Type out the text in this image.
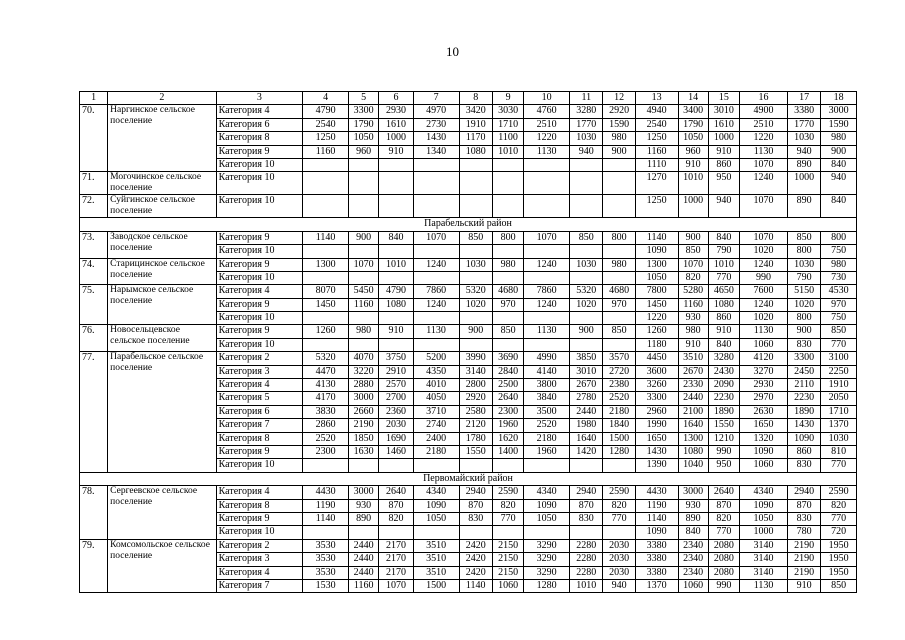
10
1	2	3	4	5	6	7	8	9	10	11	12	13	14	15	16	17	18
70.	Наргинское сельское поселение	Категория 4	4790	3300	2930	4970	3420	3030	4760	3280	2920	4940	3400	3010	4900	3380	3000
		Категория 6	2540	1790	1610	2730	1910	1710	2510	1770	1590	2540	1790	1610	2510	1770	1590
		Категория 8	1250	1050	1000	1430	1170	1100	1220	1030	980	1250	1050	1000	1220	1030	980
		Категория 9	1160	960	910	1340	1080	1010	1130	940	900	1160	960	910	1130	940	900
		Категория 10										1110	910	860	1070	890	840
71.	Могочинское сельское поселение	Категория 10										1270	1010	950	1240	1000	940
72.	Суйгинское сельское поселение	Категория 10										1250	1000	940	1070	890	840
Парабельский район																	
73.	Заводское сельское поселение	Категория 9	1140	900	840	1070	850	800	1070	850	800	1140	900	840	1070	850	800
		Категория 10										1090	850	790	1020	800	750
74.	Старицинское сельское поселение	Категория 9	1300	1070	1010	1240	1030	980	1240	1030	980	1300	1070	1010	1240	1030	980
		Категория 10										1050	820	770	990	790	730
75.	Нарымское сельское поселение	Категория 4	8070	5450	4790	7860	5320	4680	7860	5320	4680	7800	5280	4650	7600	5150	4530
		Категория 9	1450	1160	1080	1240	1020	970	1240	1020	970	1450	1160	1080	1240	1020	970
		Категория 10										1220	930	860	1020	800	750
76.	Новосельцевское сельское поселение	Категория 9	1260	980	910	1130	900	850	1130	900	850	1260	980	910	1130	900	850
		Категория 10										1180	910	840	1060	830	770
77.	Парабельское сельское поселение	Категория 2	5320	4070	3750	5200	3990	3690	4990	3850	3570	4450	3510	3280	4120	3300	3100
		Категория 3	4470	3220	2910	4350	3140	2840	4140	3010	2720	3600	2670	2430	3270	2450	2250
		Категория 4	4130	2880	2570	4010	2800	2500	3800	2670	2380	3260	2330	2090	2930	2110	1910
		Категория 5	4170	3000	2700	4050	2920	2640	3840	2780	2520	3300	2440	2230	2970	2230	2050
		Категория 6	3830	2660	2360	3710	2580	2300	3500	2440	2180	2960	2100	1890	2630	1890	1710
		Категория 7	2860	2190	2030	2740	2120	1960	2520	1980	1840	1990	1640	1550	1650	1430	1370
		Категория 8	2520	1850	1690	2400	1780	1620	2180	1640	1500	1650	1300	1210	1320	1090	1030
		Категория 9	2300	1630	1460	2180	1550	1400	1960	1420	1280	1430	1080	990	1090	860	810
		Категория 10										1390	1040	950	1060	830	770
Первомайский район																	
78.	Сергеевское сельское поселение	Категория 4	4430	3000	2640	4340	2940	2590	4340	2940	2590	4430	3000	2640	4340	2940	2590
		Категория 8	1190	930	870	1090	870	820	1090	870	820	1190	930	870	1090	870	820
		Категория 9	1140	890	820	1050	830	770	1050	830	770	1140	890	820	1050	830	770
		Категория 10										1090	840	770	1000	780	720
79.	Комсомольское сельское поселение	Категория 2	3530	2440	2170	3510	2420	2150	3290	2280	2030	3380	2340	2080	3140	2190	1950
		Категория 3	3530	2440	2170	3510	2420	2150	3290	2280	2030	3380	2340	2080	3140	2190	1950
		Категория 4	3530	2440	2170	3510	2420	2150	3290	2280	2030	3380	2340	2080	3140	2190	1950
		Категория 7	1530	1160	1070	1500	1140	1060	1280	1010	940	1370	1060	990	1130	910	850
